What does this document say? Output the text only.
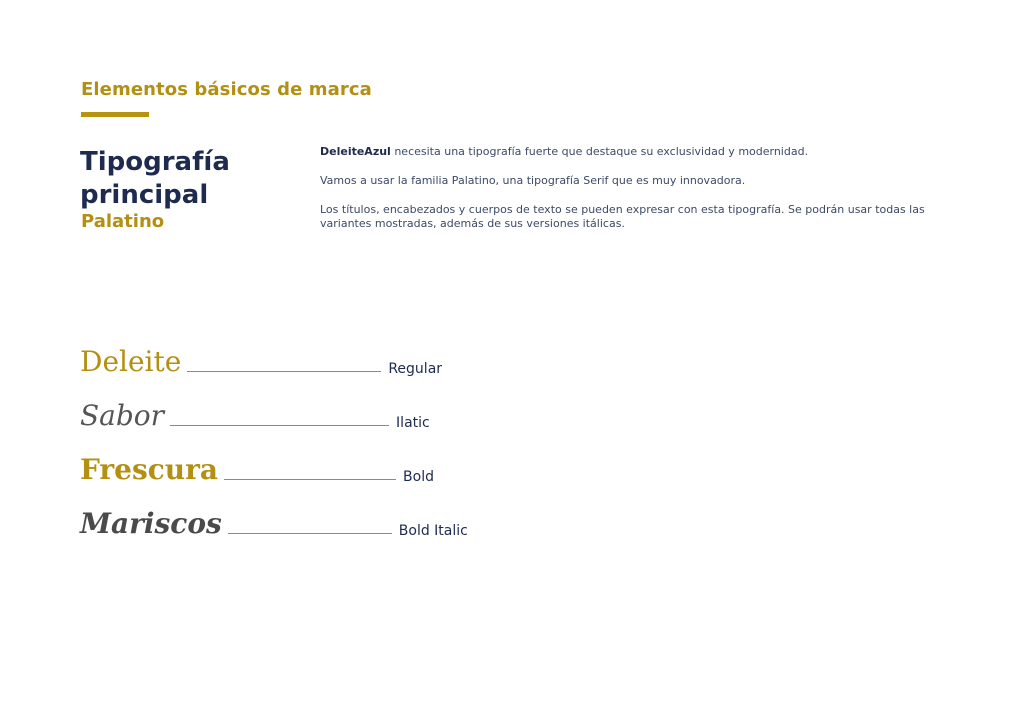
Elementos básicos de marca
Tipografía
principal
Palatino

DeleiteAzul necesita una tipografía fuerte que destaque su exclusividad y modernidad.

Vamos a usar la familia Palatino, una tipografía Serif que es muy innovadora.

Los títulos, encabezados y cuerpos de texto se pueden expresar con esta tipografía. Se podrán usar todas las variantes mostradas, además de sus versiones itálicas.

Deleite	Regular
Sabor	Ilatic
Frescura	Bold
Mariscos	Bold Italic
